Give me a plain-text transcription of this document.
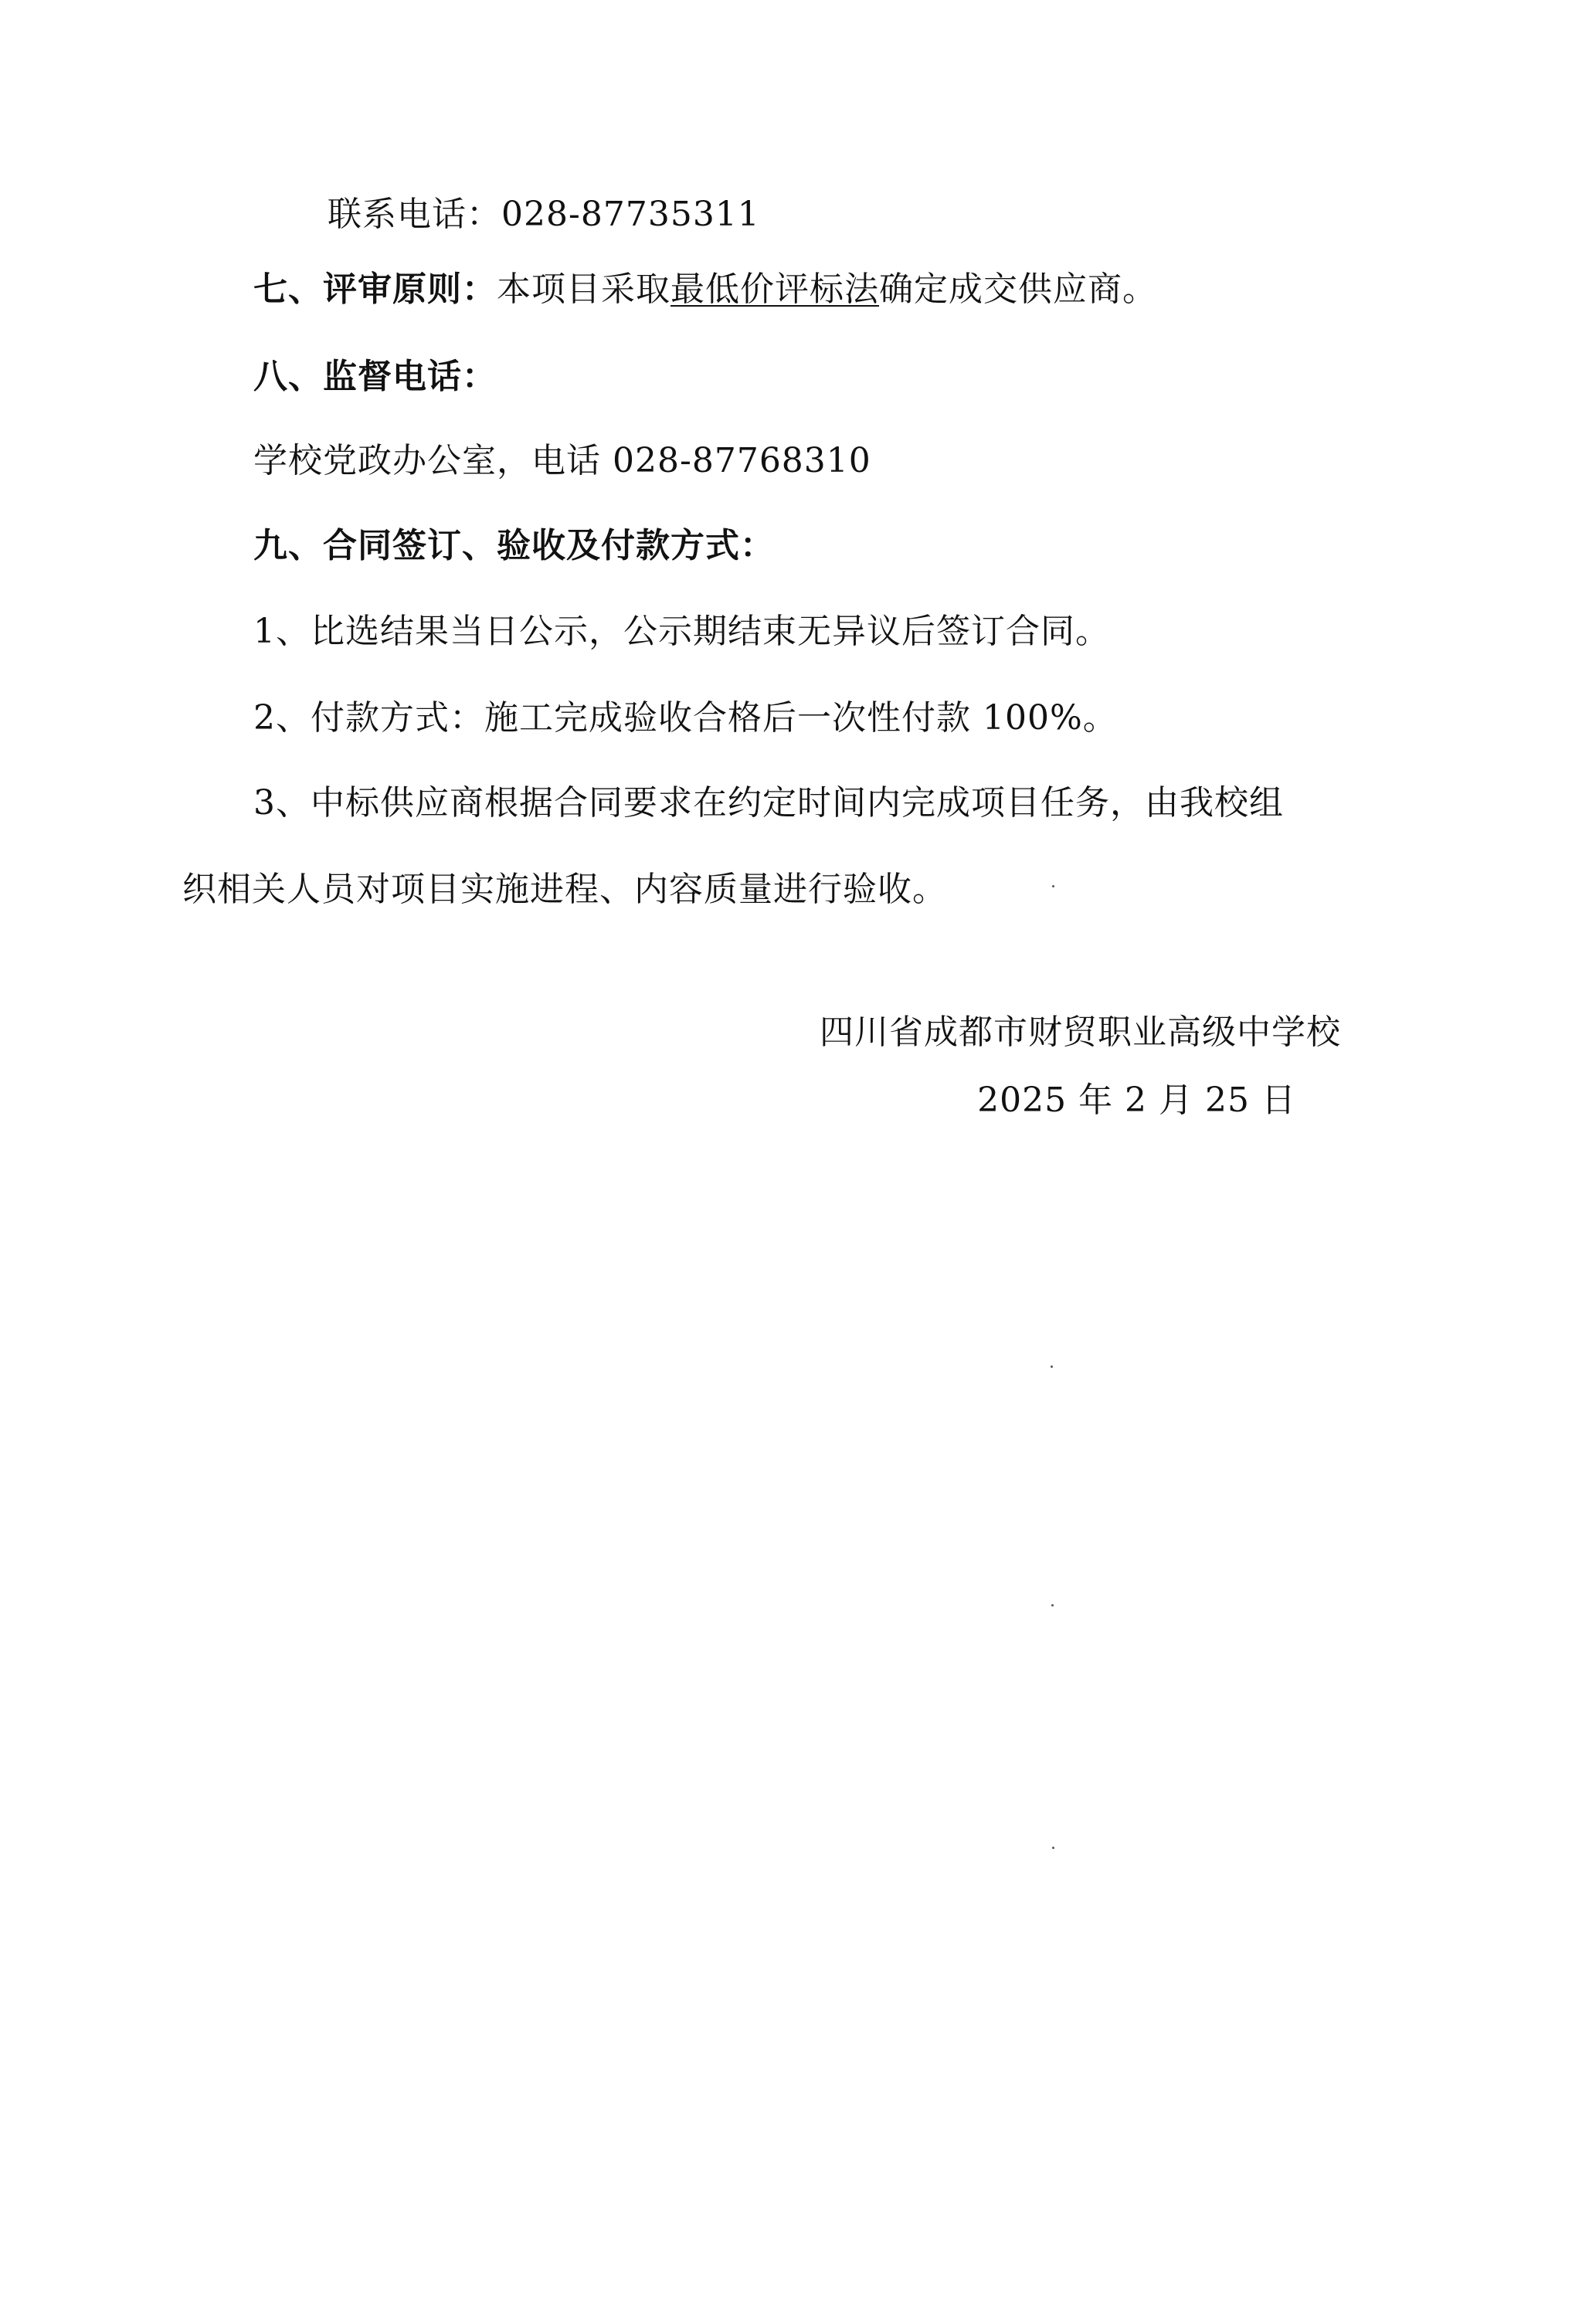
联系电话：028-87735311
七、评审原则：本项目采取最低价评标法确定成交供应商。
八、监督电话：
学校党政办公室，电话 028-87768310
九、合同签订、验收及付款方式：
1、比选结果当日公示，公示期结束无异议后签订合同。
2、付款方式：施工完成验收合格后一次性付款 100%。
3、中标供应商根据合同要求在约定时间内完成项目任务，由我校组
织相关人员对项目实施进程、内容质量进行验收。
四川省成都市财贸职业高级中学校
2025 年 2 月 25 日
